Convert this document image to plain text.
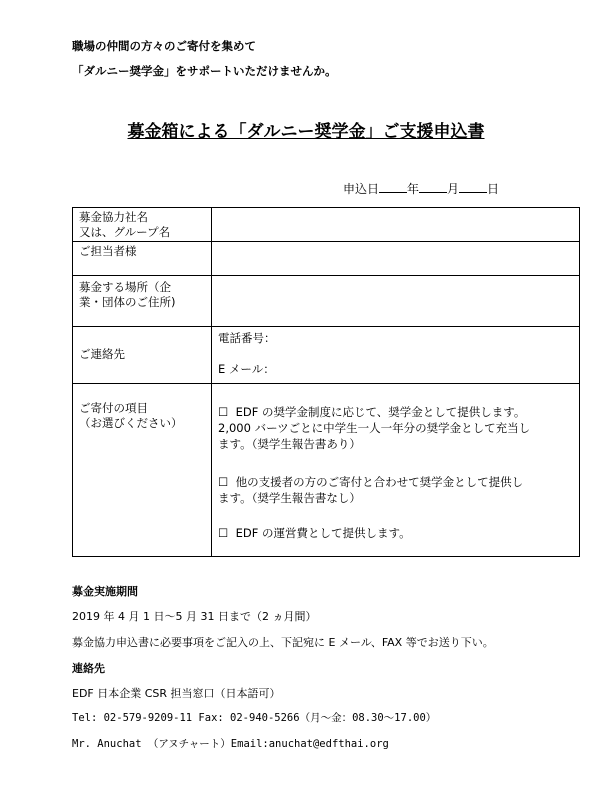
職場の仲間の方々のご寄付を集めて
「ダルニー奨学金」をサポートいただけませんか。
募金箱による「ダルニー奨学金」ご支援申込書
申込日 年 月 日
募金協力社名
又は、グループ名
ご担当者様
募金する場所（企
業・団体のご住所)
ご連絡先
電話番号：
E メール：
ご寄付の項目
（お選びください）
☐ EDF の奨学金制度に応じて、奨学金として提供します。
2,000 バーツごとに中学生一人一年分の奨学金として充当し
ます。（奨学生報告書あり）
☐ 他の支援者の方のご寄付と合わせて奨学金として提供し
ます。（奨学生報告書なし）
☐ EDF の運営費として提供します。
募金実施期間
2019 年 4 月 1 日～5 月 31 日まで（2 ヵ月間）
募金協力申込書に必要事項をご記入の上、下記宛に E メール、FAX 等でお送り下い。
連絡先
EDF 日本企業 CSR 担当窓口（日本語可）
Tel: 02-579-9209-11 Fax: 02-940-5266（月～金：08.30～17.00）
Mr. Anuchat （アヌチャート）Email:anuchat@edfthai.org
